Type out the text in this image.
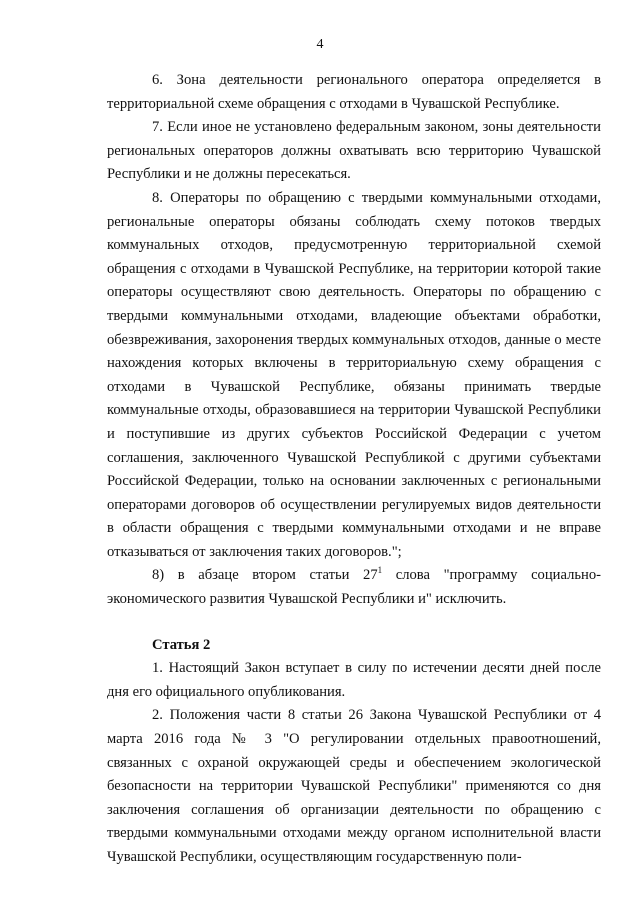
4

6. Зона деятельности регионального оператора определяется в территориальной схеме обращения с отходами в Чувашской Республике.

7. Если иное не установлено федеральным законом, зоны деятельности региональных операторов должны охватывать всю территорию Чувашской Республики и не должны пересекаться.

8. Операторы по обращению с твердыми коммунальными отходами, региональные операторы обязаны соблюдать схему потоков твердых коммунальных отходов, предусмотренную территориальной схемой обращения с отходами в Чувашской Республике, на территории которой такие операторы осуществляют свою деятельность. Операторы по обращению с твердыми коммунальными отходами, владеющие объектами обработки, обезвреживания, захоронения твердых коммунальных отходов, данные о месте нахождения которых включены в территориальную схему обращения с отходами в Чувашской Республике, обязаны принимать твердые коммунальные отходы, образовавшиеся на территории Чувашской Республики и поступившие из других субъектов Российской Федерации с учетом соглашения, заключенного Чувашской Республикой с другими субъектами Российской Федерации, только на основании заключенных с региональными операторами договоров об осуществлении регулируемых видов деятельности в области обращения с твердыми коммунальными отходами и не вправе отказываться от заключения таких договоров.";

8) в абзаце втором статьи $27^1$ слова "программу социально-экономического развития Чувашской Республики и" исключить.

Статья 2

1. Настоящий Закон вступает в силу по истечении десяти дней после дня его официального опубликования.

2. Положения части 8 статьи 26 Закона Чувашской Республики от 4 марта 2016 года № 3 "О регулировании отдельных правоотношений, связанных с охраной окружающей среды и обеспечением экологической безопасности на территории Чувашской Республики" применяются со дня заключения соглашения об организации деятельности по обращению с твердыми коммунальными отходами между органом исполнительной власти Чувашской Республики, осуществляющим государственную поли-
